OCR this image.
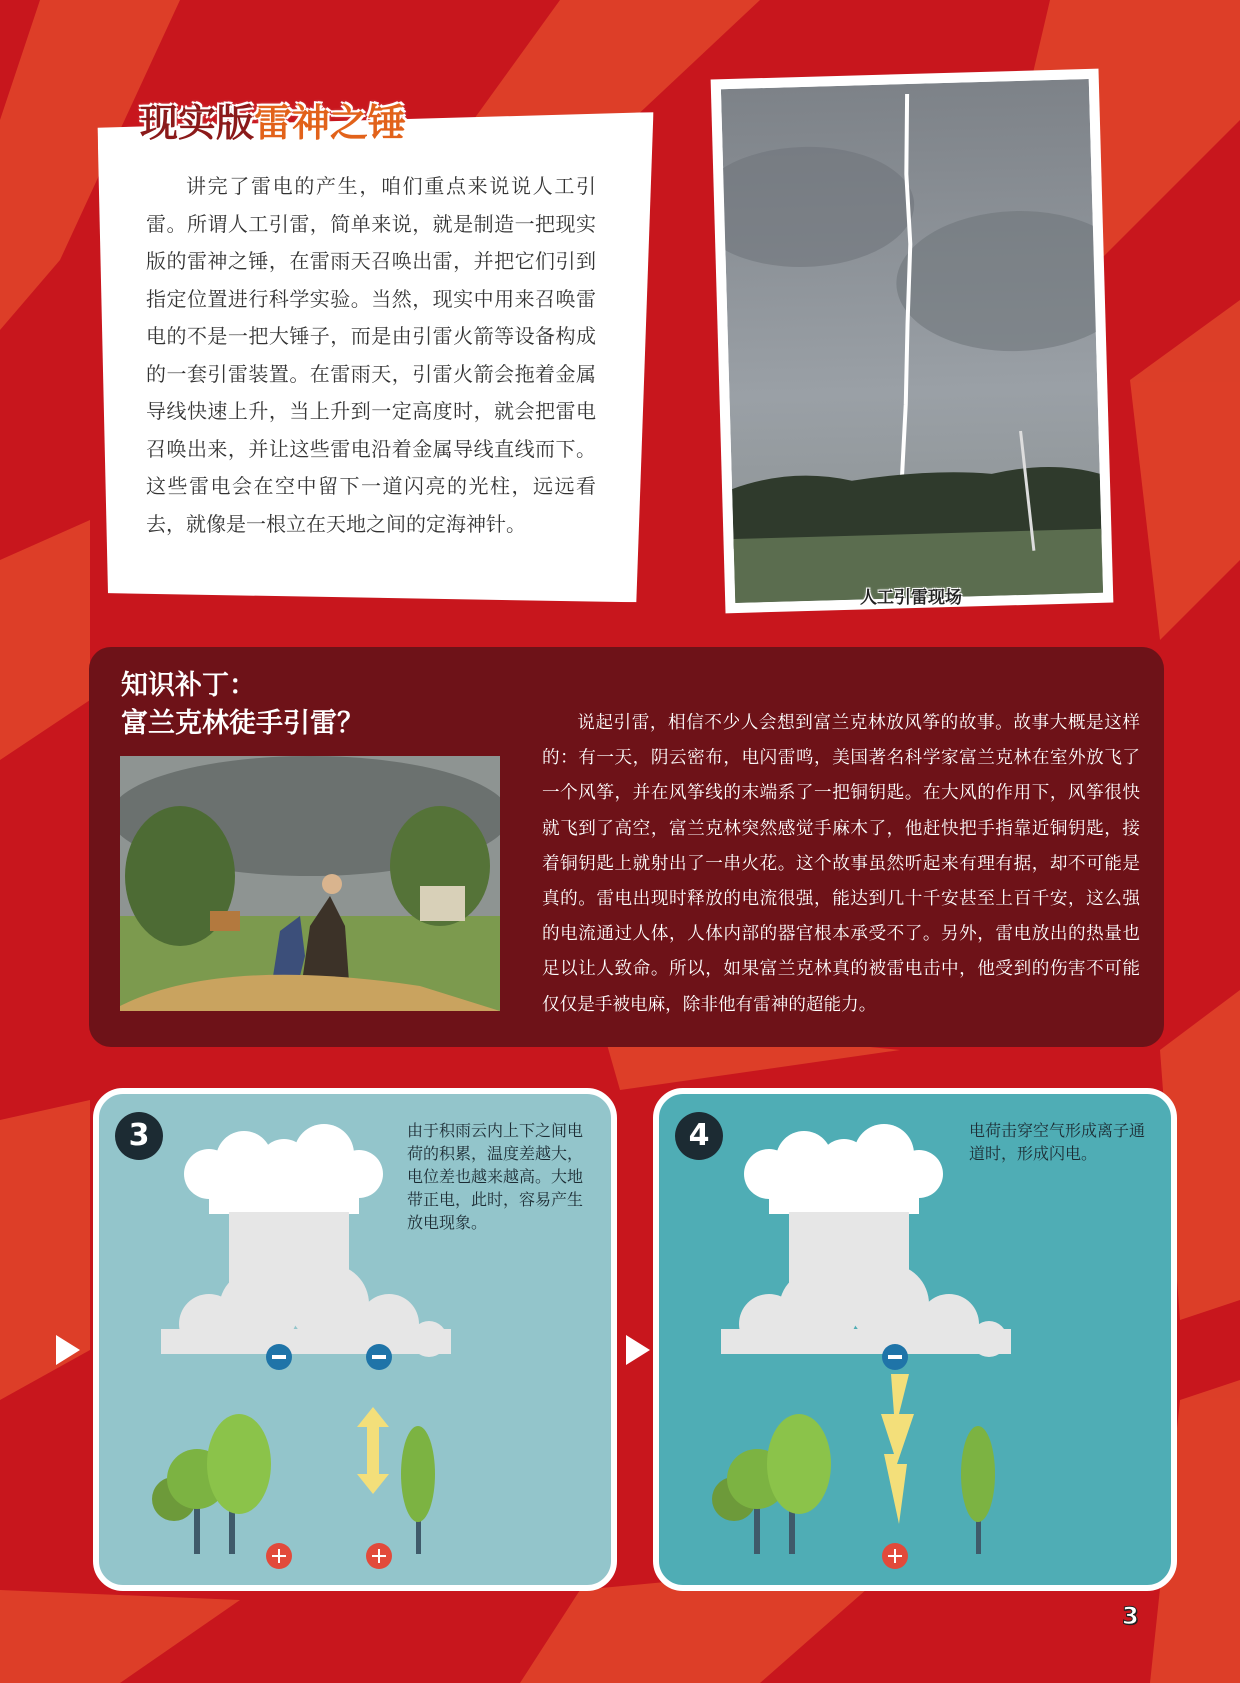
现实版雷神之锤

讲完了雷电的产生，咱们重点来说说人工引雷。所谓人工引雷，简单来说，就是制造一把现实版的雷神之锤，在雷雨天召唤出雷，并把它们引到指定位置进行科学实验。当然，现实中用来召唤雷电的不是一把大锤子，而是由引雷火箭等设备构成的一套引雷装置。在雷雨天，引雷火箭会拖着金属导线快速上升，当上升到一定高度时，就会把雷电召唤出来，并让这些雷电沿着金属导线直线而下。这些雷电会在空中留下一道闪亮的光柱，远远看去，就像是一根立在天地之间的定海神针。

人工引雷现场
知识补丁：
富兰克林徒手引雷？	说起引雷，相信不少人会想到富兰克林放风筝的故事。故事大概是这样的：有一天，阴云密布，电闪雷鸣，美国著名科学家富兰克林在室外放飞了一个风筝，并在风筝线的末端系了一把铜钥匙。在大风的作用下，风筝很快就飞到了高空，富兰克林突然感觉手麻木了，他赶快把手指靠近铜钥匙，接着铜钥匙上就射出了一串火花。这个故事虽然听起来有理有据，却不可能是真的。雷电出现时释放的电流很强，能达到几十千安甚至上百千安，这么强的电流通过人体，人体内部的器官根本承受不了。另外，雷电放出的热量也足以让人致命。所以，如果富兰克林真的被雷电击中，他受到的伤害不可能仅仅是手被电麻，除非他有雷神的超能力。

3	由于积雨云内上下之间电荷的积累，温度差越大，电位差也越来越高。大地带正电，此时，容易产生放电现象。
4	电荷击穿空气形成离子通道时，形成闪电。
3
